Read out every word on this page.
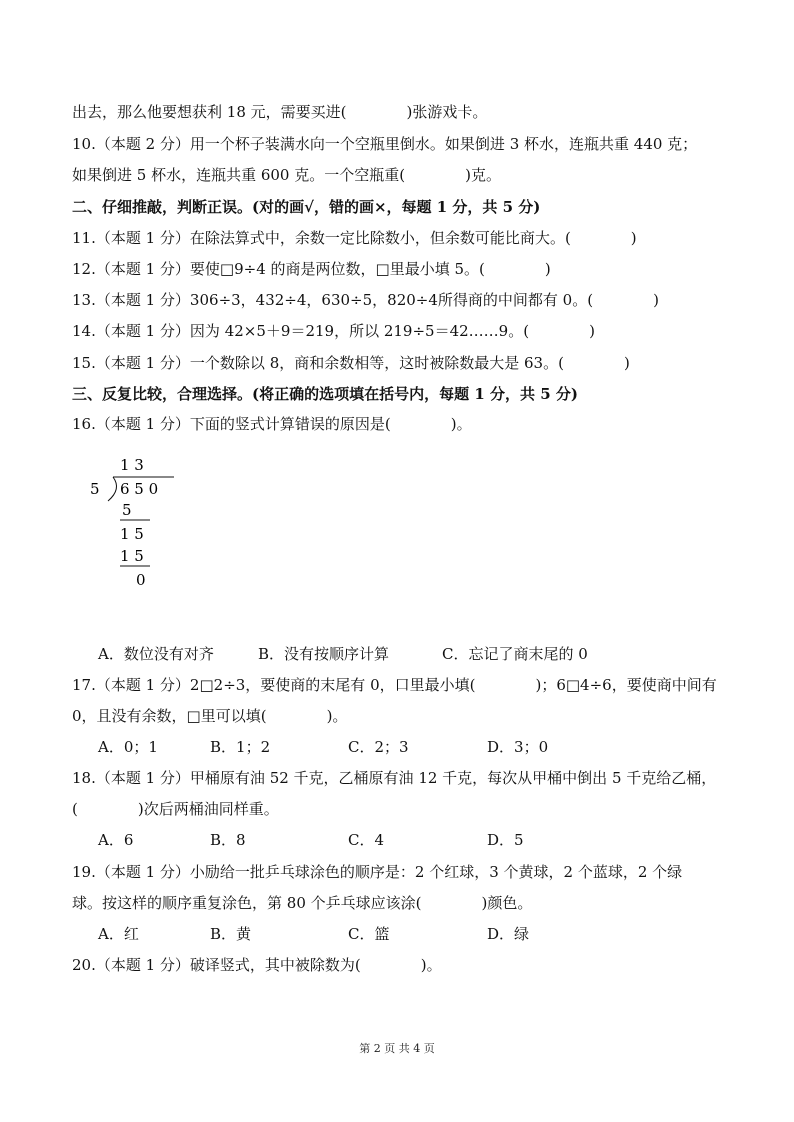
出去，那么他要想获利 18 元，需要买进(　　　　)张游戏卡。
10.（本题 2 分）用一个杯子装满水向一个空瓶里倒水。如果倒进 3 杯水，连瓶共重 440 克；
如果倒进 5 杯水，连瓶共重 600 克。一个空瓶重(　　　　)克。
二、仔细推敲，判断正误。(对的画√，错的画×，每题 1 分，共 5 分)
11.（本题 1 分）在除法算式中，余数一定比除数小，但余数可能比商大。(　　　　)
12.（本题 1 分）要使□9÷4 的商是两位数，□里最小填 5。(　　　　)
13.（本题 1 分）306÷3，432÷4，630÷5，820÷4所得商的中间都有 0。(　　　　)
14.（本题 1 分）因为 42×5＋9＝219，所以 219÷5＝42……9。(　　　　)
15.（本题 1 分）一个数除以 8，商和余数相等，这时被除数最大是 63。(　　　　)
三、反复比较，合理选择。(将正确的选项填在括号内，每题 1 分，共 5 分)
16.（本题 1 分）下面的竖式计算错误的原因是(　　　　)。
1 3
5 6 5 0
5
1 5
1 5
0
A．数位没有对齐	B．没有按顺序计算	C．忘记了商末尾的 0
17.（本题 1 分）2□2÷3，要使商的末尾有 0，口里最小填(　　　　)；6□4÷6，要使商中间有
0，且没有余数，□里可以填(　　　　)。
A．0；1	B．1；2	C．2；3	D．3；0
18.（本题 1 分）甲桶原有油 52 千克，乙桶原有油 12 千克，每次从甲桶中倒出 5 千克给乙桶，
(　　　　)次后两桶油同样重。
A．6	B．8	C．4	D．5
19.（本题 1 分）小励给一批乒乓球涂色的顺序是：2 个红球，3 个黄球，2 个蓝球，2 个绿
球。按这样的顺序重复涂色，第 80 个乒乓球应该涂(　　　　)颜色。
A．红	B．黄	C．篮	D．绿
20.（本题 1 分）破译竖式，其中被除数为(　　　　)。
第 2 页 共 4 页
